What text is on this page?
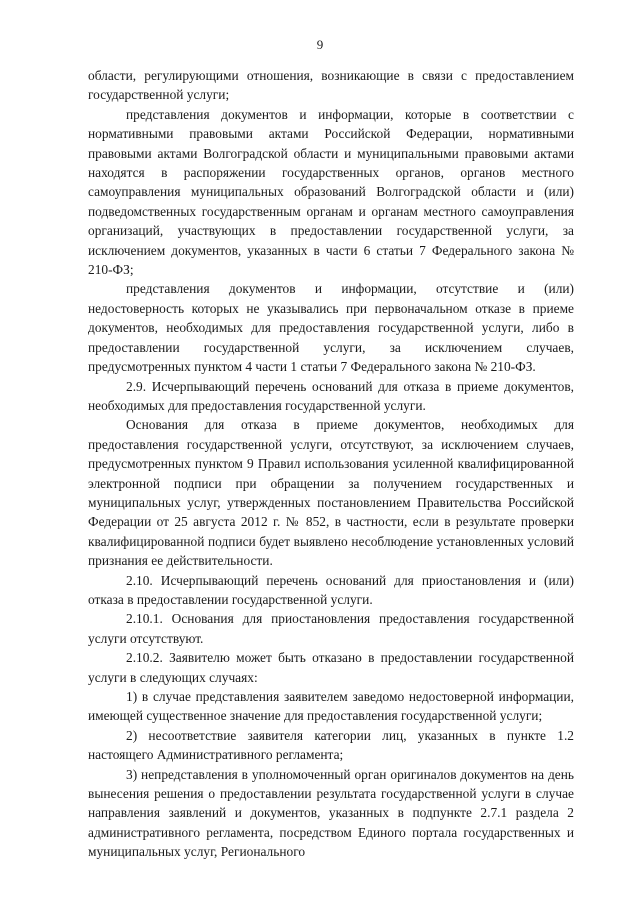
9

области, регулирующими отношения, возникающие в связи с предоставлением государственной услуги;

представления документов и информации, которые в соответствии с нормативными правовыми актами Российской Федерации, нормативными правовыми актами Волгоградской области и муниципальными правовыми актами находятся в распоряжении государственных органов, органов местного самоуправления муниципальных образований Волгоградской области и (или) подведомственных государственным органам и органам местного самоуправления организаций, участвующих в предоставлении государственной услуги, за исключением документов, указанных в части 6 статьи 7 Федерального закона № 210-ФЗ;

представления документов и информации, отсутствие и (или) недостоверность которых не указывались при первоначальном отказе в приеме документов, необходимых для предоставления государственной услуги, либо в предоставлении государственной услуги, за исключением случаев, предусмотренных пунктом 4 части 1 статьи 7 Федерального закона № 210-ФЗ.

2.9. Исчерпывающий перечень оснований для отказа в приеме документов, необходимых для предоставления государственной услуги.

Основания для отказа в приеме документов, необходимых для предоставления государственной услуги, отсутствуют, за исключением случаев, предусмотренных пунктом 9 Правил использования усиленной квалифицированной электронной подписи при обращении за получением государственных и муниципальных услуг, утвержденных постановлением Правительства Российской Федерации от 25 августа 2012 г. № 852, в частности, если в результате проверки квалифицированной подписи будет выявлено несоблюдение установленных условий признания ее действительности.

2.10. Исчерпывающий перечень оснований для приостановления и (или) отказа в предоставлении государственной услуги.

2.10.1. Основания для приостановления предоставления государственной услуги отсутствуют.

2.10.2. Заявителю может быть отказано в предоставлении государственной услуги в следующих случаях:

1) в случае представления заявителем заведомо недостоверной информации, имеющей существенное значение для предоставления государственной услуги;

2) несоответствие заявителя категории лиц, указанных в пункте 1.2 настоящего Административного регламента;

3) непредставления в уполномоченный орган оригиналов документов на день вынесения решения о предоставлении результата государственной услуги в случае направления заявлений и документов, указанных в подпункте 2.7.1 раздела 2 административного регламента, посредством Единого портала государственных и муниципальных услуг, Регионального
